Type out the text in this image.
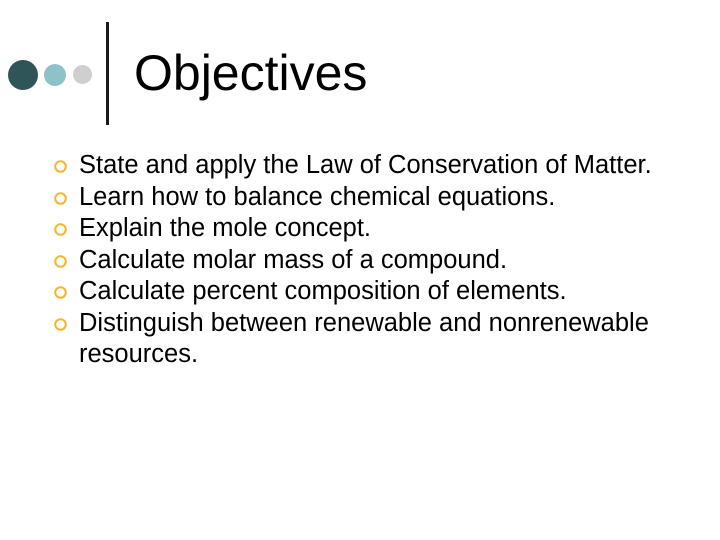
Objectives
State and apply the Law of Conservation of Matter.
Learn how to balance chemical equations.
Explain the mole concept.
Calculate molar mass of a compound.
Calculate percent composition of elements.
Distinguish between renewable and nonrenewable resources.
